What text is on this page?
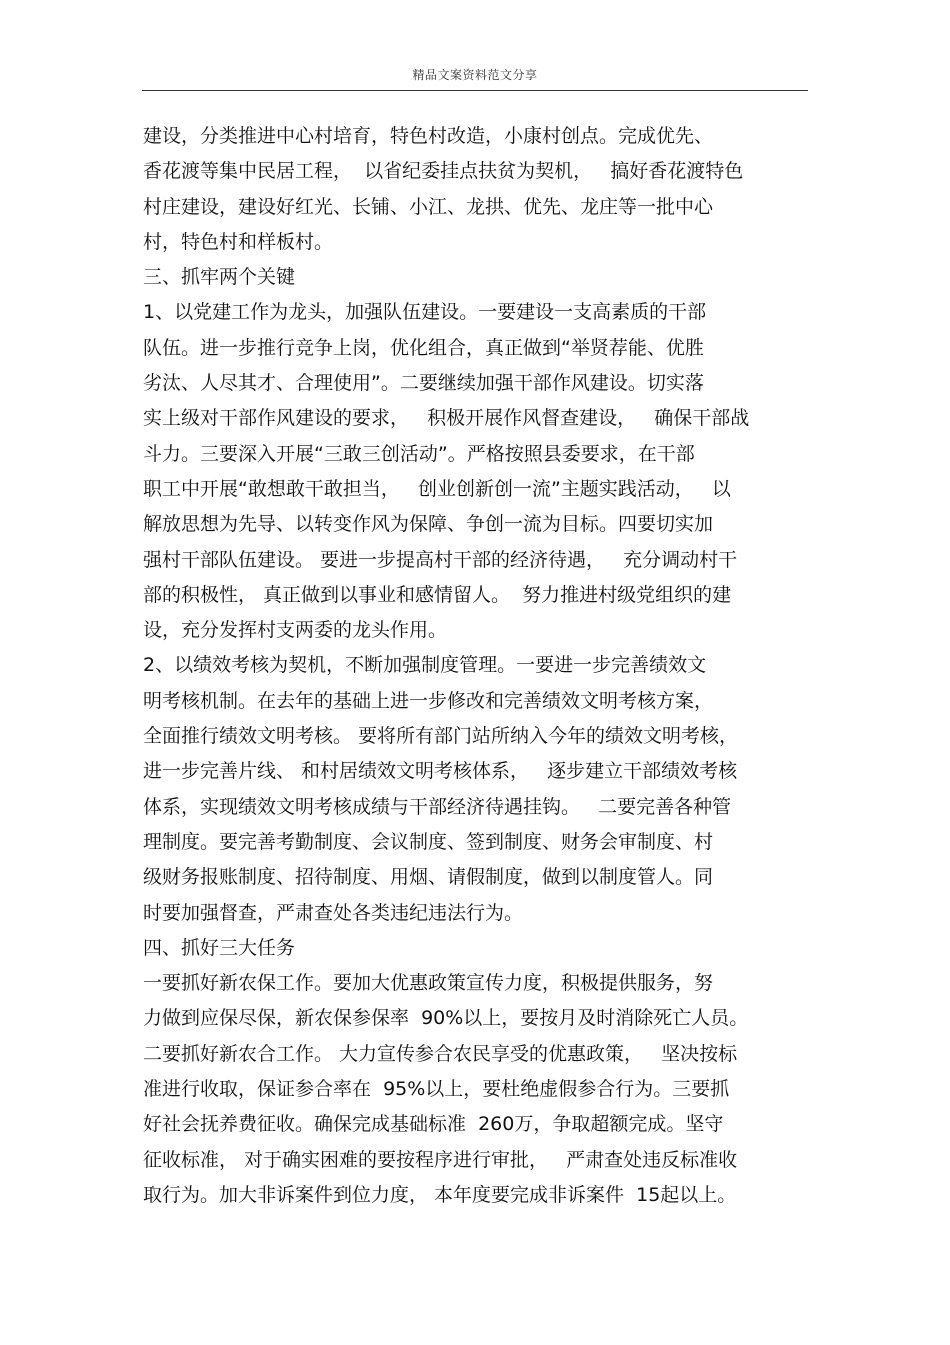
精品文案资料范文分享
建设，分类推进中心村培育，特色村改造，小康村创点。完成优先、
香花渡等集中民居工程，  以省纪委挂点扶贫为契机，   搞好香花渡特色
村庄建设，建设好红光、长铺、小江、龙拱、优先、龙庄等一批中心
村，特色村和样板村。
三、抓牢两个关键
1、以党建工作为龙头，加强队伍建设。一要建设一支高素质的干部
队伍。进一步推行竞争上岗，优化组合，真正做到“举贤荐能、优胜
劣汰、人尽其才、合理使用”。二要继续加强干部作风建设。切实落
实上级对干部作风建设的要求，   积极开展作风督查建设，   确保干部战
斗力。三要深入开展“三敢三创活动”。严格按照县委要求，在干部
职工中开展“敢想敢干敢担当，   创业创新创一流”主题实践活动，   以
解放思想为先导、以转变作风为保障、争创一流为目标。四要切实加
强村干部队伍建设。 要进一步提高村干部的经济待遇，   充分调动村干
部的积极性， 真正做到以事业和感情留人。  努力推进村级党组织的建
设，充分发挥村支两委的龙头作用。
2、以绩效考核为契机，不断加强制度管理。一要进一步完善绩效文
明考核机制。在去年的基础上进一步修改和完善绩效文明考核方案，
全面推行绩效文明考核。 要将所有部门站所纳入今年的绩效文明考核，
进一步完善片线、 和村居绩效文明考核体系，   逐步建立干部绩效考核
体系，实现绩效文明考核成绩与干部经济待遇挂钩。   二要完善各种管
理制度。要完善考勤制度、会议制度、签到制度、财务会审制度、村
级财务报账制度、招待制度、用烟、请假制度，做到以制度管人。同
时要加强督查，严肃查处各类违纪违法行为。
四、抓好三大任务
一要抓好新农保工作。要加大优惠政策宣传力度，积极提供服务，努
力做到应保尽保，新农保参保率  90%以上，要按月及时消除死亡人员。
二要抓好新农合工作。 大力宣传参合农民享受的优惠政策，   坚决按标
准进行收取，保证参合率在  95%以上，要杜绝虚假参合行为。三要抓
好社会抚养费征收。确保完成基础标准  260万，争取超额完成。坚守
征收标准， 对于确实困难的要按程序进行审批，   严肃查处违反标准收
取行为。加大非诉案件到位力度， 本年度要完成非诉案件  15起以上。
